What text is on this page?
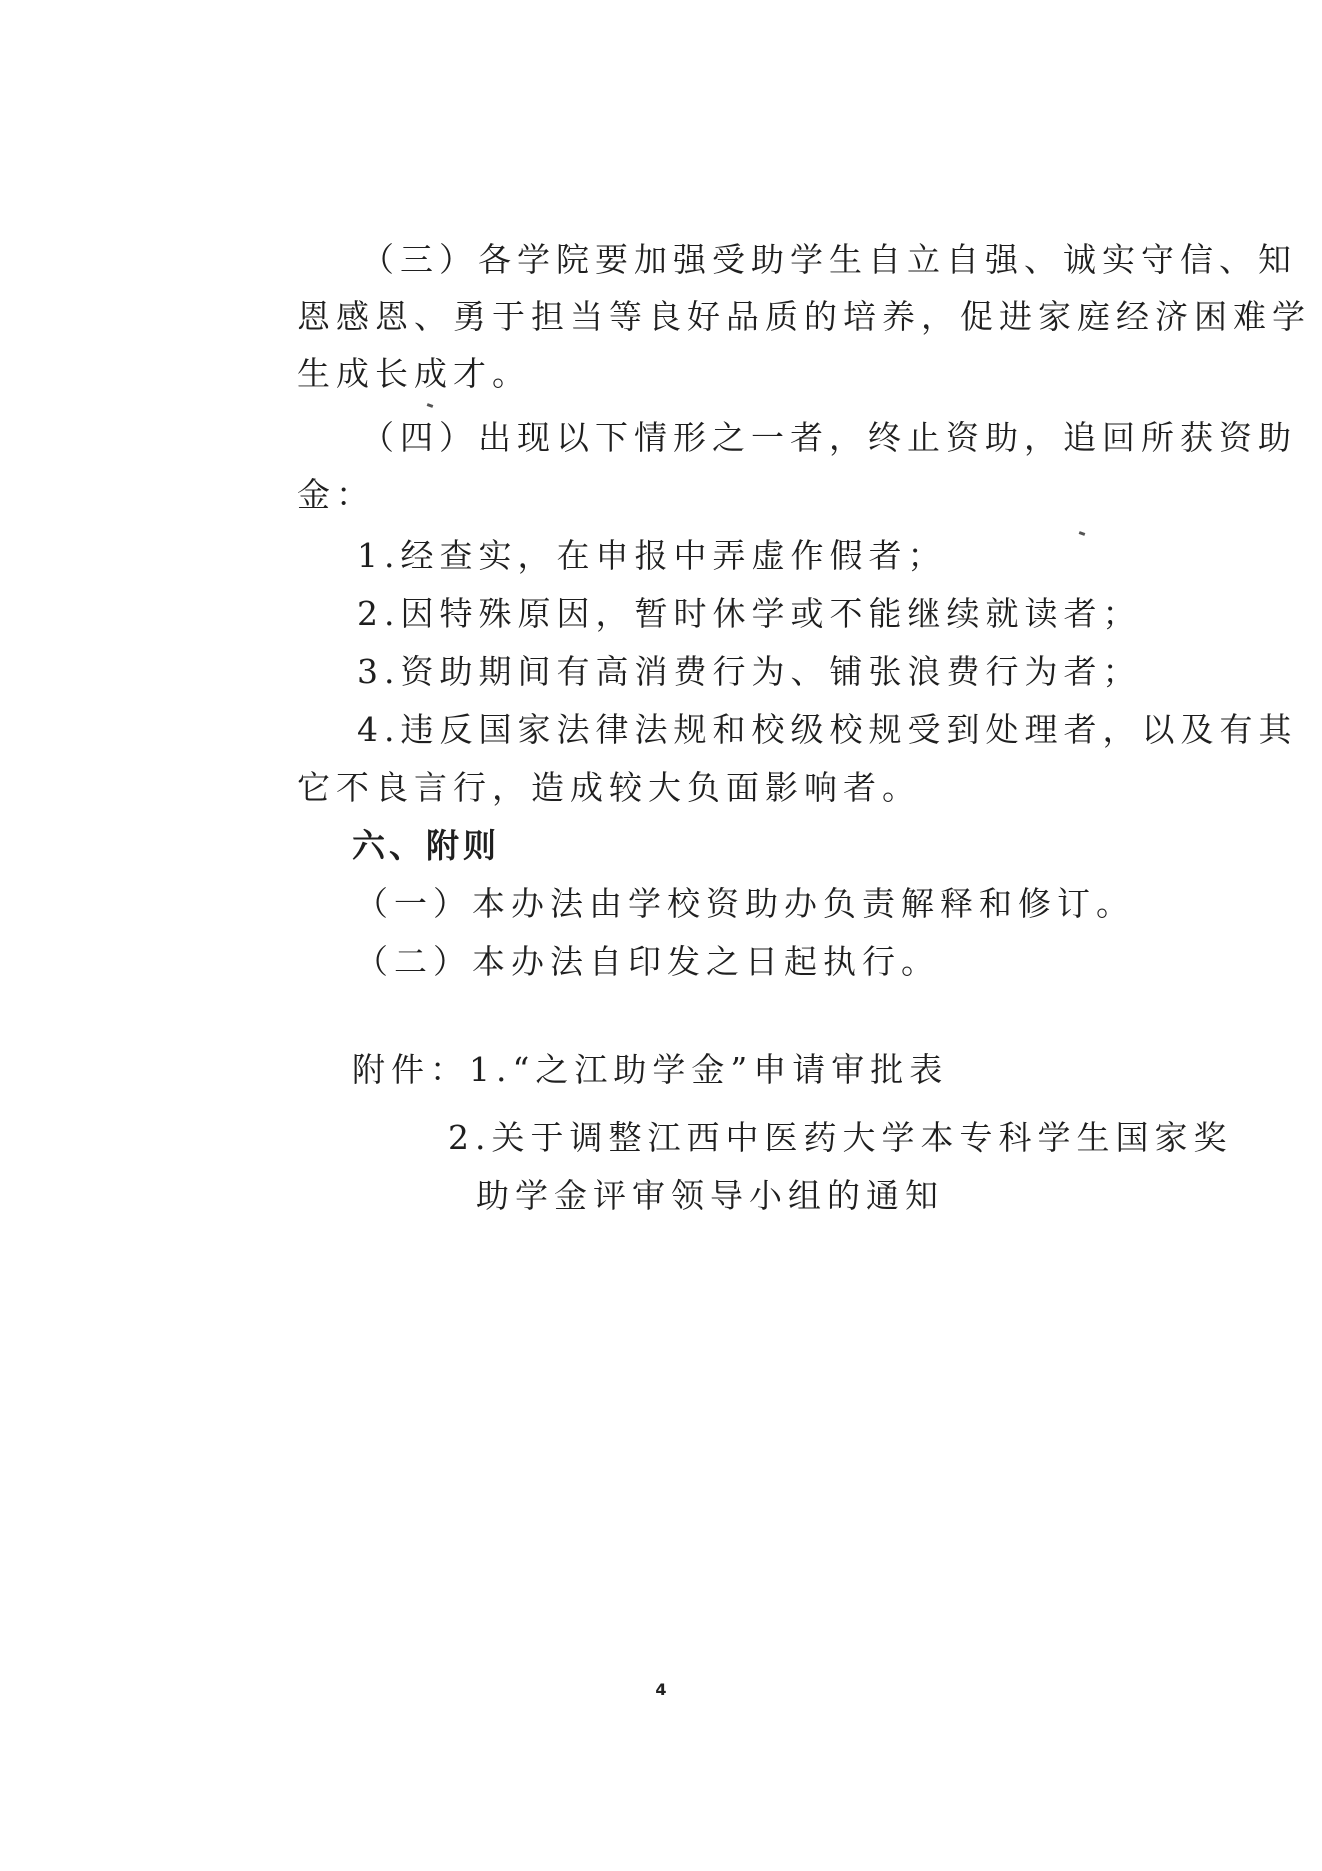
（三）各学院要加强受助学生自立自强、诚实守信、知
恩感恩、勇于担当等良好品质的培养，促进家庭经济困难学
生成长成才。
（四）出现以下情形之一者，终止资助，追回所获资助
金：
1.经查实，在申报中弄虚作假者；
2.因特殊原因，暂时休学或不能继续就读者；
3.资助期间有高消费行为、铺张浪费行为者；
4.违反国家法律法规和校级校规受到处理者，以及有其
它不良言行，造成较大负面影响者。
六、附则
（一）本办法由学校资助办负责解释和修订。
（二）本办法自印发之日起执行。
附件：1.“之江助学金”申请审批表
2.关于调整江西中医药大学本专科学生国家奖
助学金评审领导小组的通知
4
